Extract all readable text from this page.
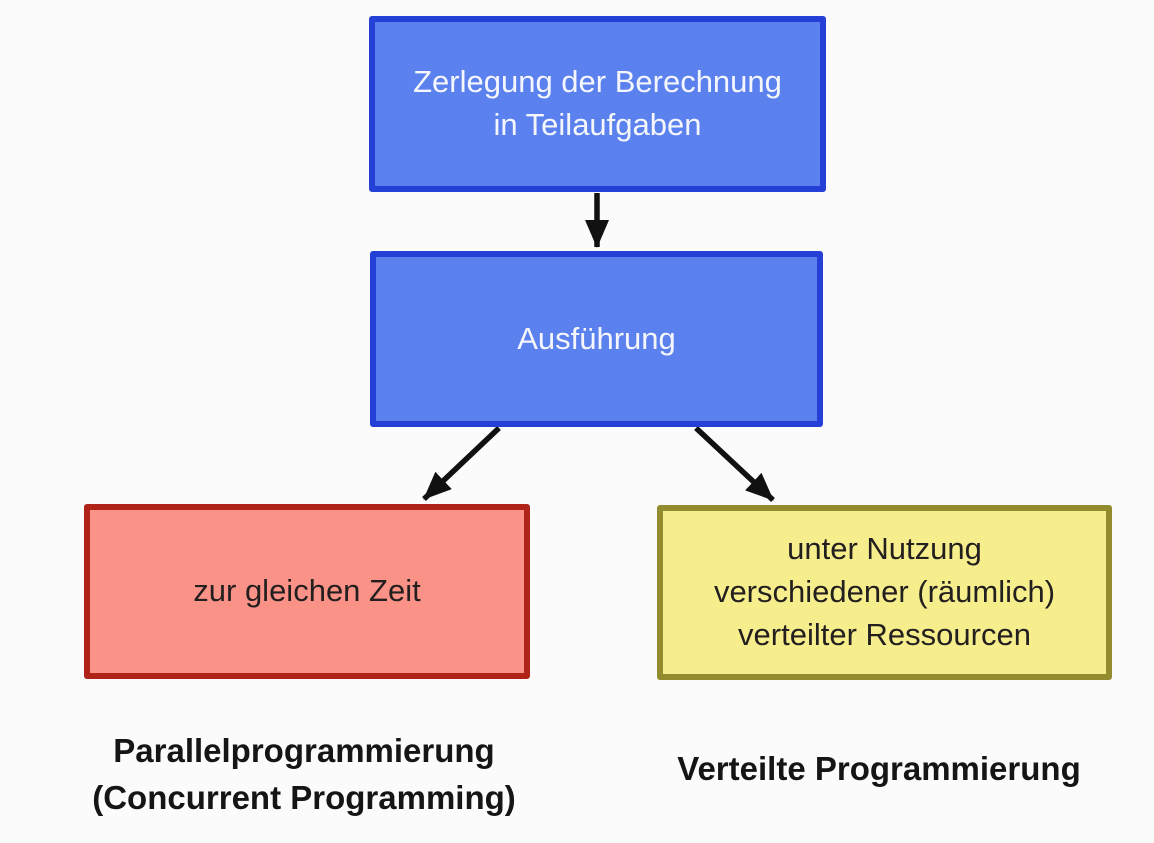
Zerlegung der Berechnung
in Teilaufgaben
Ausführung
zur gleichen Zeit
unter Nutzung
verschiedener (räumlich)
verteilter Ressourcen
Parallelprogrammierung
(Concurrent Programming)
Verteilte Programmierung
